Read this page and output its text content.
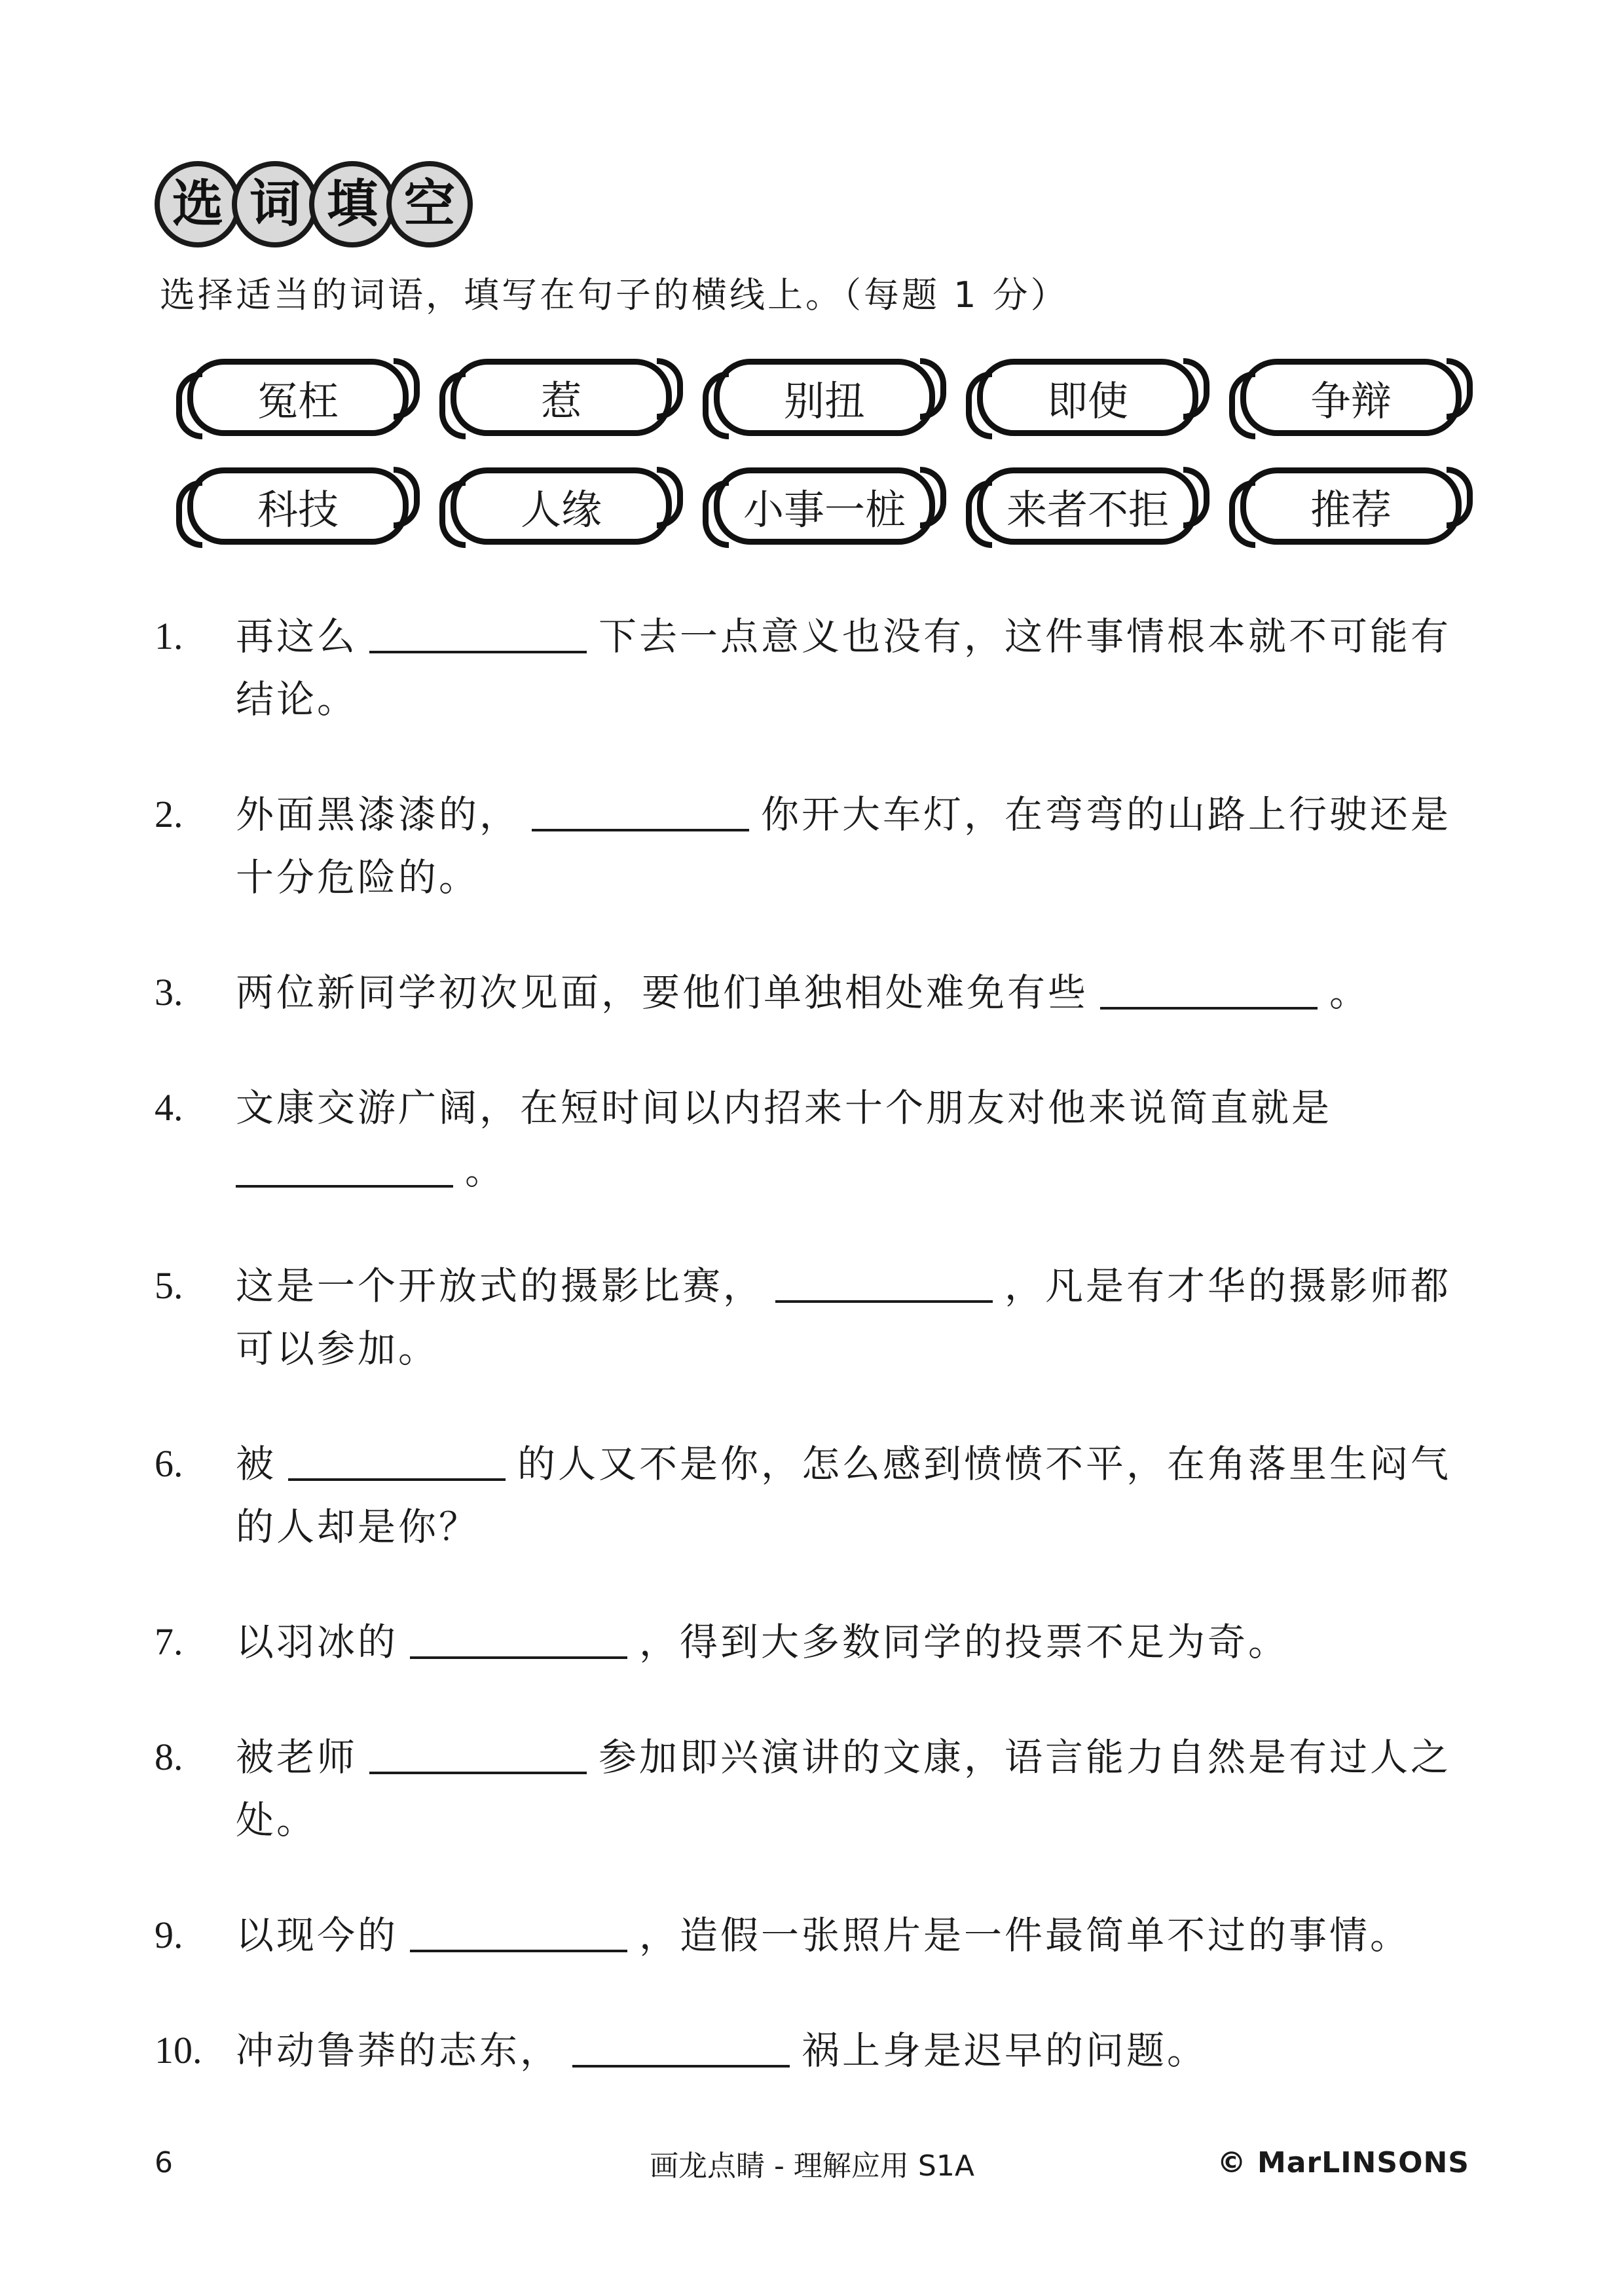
选 词 填 空
选择适当的词语，填写在句子的横线上。（每题 1 分）
冤枉	惹	别扭	即使	争辩
科技	人缘	小事一桩	来者不拒	推荐
1.	再这么	下去一点意义也没有，这件事情根本就不可能有结论。
2.	外面黑漆漆的，	你开大车灯，在弯弯的山路上行驶还是十分危险的。
3.	两位新同学初次见面，要他们单独相处难免有些	。
4.	文康交游广阔，在短时间以内招来十个朋友对他来说简直就是
。
5.	这是一个开放式的摄影比赛，	，凡是有才华的摄影师都可以参加。
6.	被	的人又不是你，怎么感到愤愤不平，在角落里生闷气的人却是你？
7.	以羽冰的	，得到大多数同学的投票不足为奇。
8.	被老师	参加即兴演讲的文康，语言能力自然是有过人之处。
9.	以现今的	，造假一张照片是一件最简单不过的事情。
10. 冲动鲁莽的志东，	祸上身是迟早的问题。
6	画龙点睛 - 理解应用 S1A	© MarLINSONS
